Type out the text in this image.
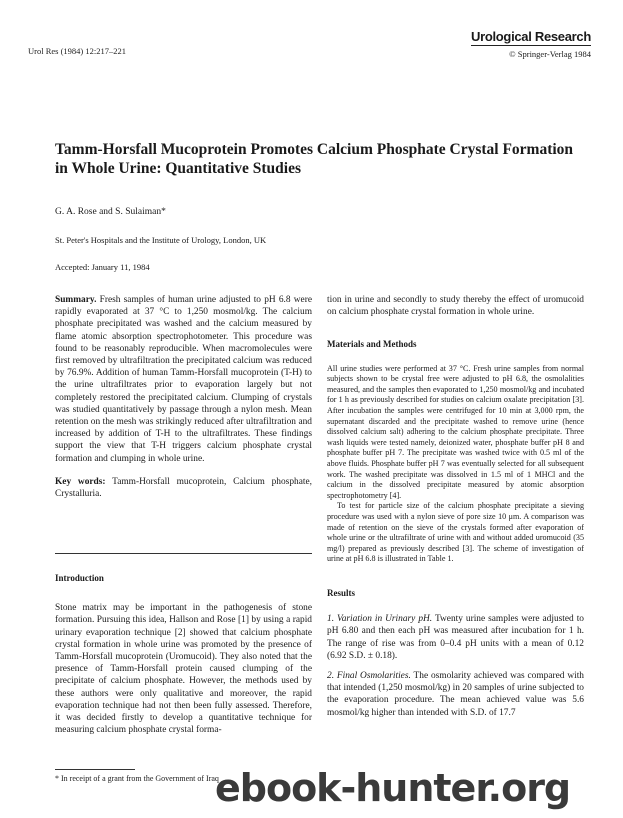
Urol Res (1984) 12:217–221
Urological Research
© Springer-Verlag 1984
Tamm-Horsfall Mucoprotein Promotes Calcium Phosphate Crystal Formation in Whole Urine: Quantitative Studies
G. A. Rose and S. Sulaiman*
St. Peter's Hospitals and the Institute of Urology, London, UK
Accepted: January 11, 1984

Summary. Fresh samples of human urine adjusted to pH 6.8 were rapidly evaporated at 37 °C to 1,250 mosmol/kg. The calcium phosphate precipitated was washed and the calcium measured by flame atomic absorption spectrophotometer. This procedure was found to be reasonably reproducible. When macromolecules were first removed by ultrafiltration the precipitated calcium was reduced by 76.9%. Addition of human Tamm-Horsfall mucoprotein (T-H) to the urine ultrafiltrates prior to evaporation largely but not completely restored the precipitated calcium. Clumping of crystals was studied quantitatively by passage through a nylon mesh. Mean retention on the mesh was strikingly reduced after ultrafiltration and increased by addition of T-H to the ultrafiltrates. These findings support the view that T-H triggers calcium phosphate crystal formation and clumping in whole urine.

Key words: Tamm-Horsfall mucoprotein, Calcium phosphate, Crystalluria.

Introduction

Stone matrix may be important in the pathogenesis of stone formation. Pursuing this idea, Hallson and Rose [1] by using a rapid urinary evaporation technique [2] showed that calcium phosphate crystal formation in whole urine was promoted by the presence of Tamm-Horsfall mucoprotein (Uromucoid). They also noted that the presence of Tamm-Horsfall protein caused clumping of the precipitate of calcium phosphate. However, the methods used by these authors were only qualitative and moreover, the rapid evaporation technique had not then been fully assessed. Therefore, it was decided firstly to develop a quantitative technique for measuring calcium phosphate crystal forma-

tion in urine and secondly to study thereby the effect of uromucoid on calcium phosphate crystal formation in whole urine.

Materials and Methods

All urine studies were performed at 37 °C. Fresh urine samples from normal subjects shown to be crystal free were adjusted to pH 6.8, the osmolalities measured, and the samples then evaporated to 1,250 mosmol/kg and incubated for 1 h as previously described for studies on calcium oxalate precipitation [3]. After incubation the samples were centrifuged for 10 min at 3,000 rpm, the supernatant discarded and the precipitate washed to remove urine (hence dissolved calcium salt) adhering to the calcium phosphate precipitate. Three wash liquids were tested namely, deionized water, phosphate buffer pH 8 and phosphate buffer pH 7. The precipitate was washed twice with 0.5 ml of the above fluids. Phosphate buffer pH 7 was eventually selected for all subsequent work. The washed precipitate was dissolved in 1.5 ml of 1 MHCl and the calcium in the dissolved precipitate measured by atomic absorption spectrophotometry [4].

To test for particle size of the calcium phosphate precipitate a sieving procedure was used with a nylon sieve of pore size 10 μm. A comparison was made of retention on the sieve of the crystals formed after evaporation of whole urine or the ultrafiltrate of urine with and without added uromucoid (35 mg/l) prepared as previously described [3]. The scheme of investigation of urine at pH 6.8 is illustrated in Table 1.

Results

1. Variation in Urinary pH. Twenty urine samples were adjusted to pH 6.80 and then each pH was measured after incubation for 1 h. The range of rise was from 0–0.4 pH units with a mean of 0.12 (6.92 S.D. ± 0.18).

2. Final Osmolarities. The osmolarity achieved was compared with that intended (1,250 mosmol/kg) in 20 samples of urine subjected to the evaporation procedure. The mean achieved value was 5.6 mosmol/kg higher than intended with S.D. of 17.7

* In receipt of a grant from the Government of Iraq
ebook-hunter.org
